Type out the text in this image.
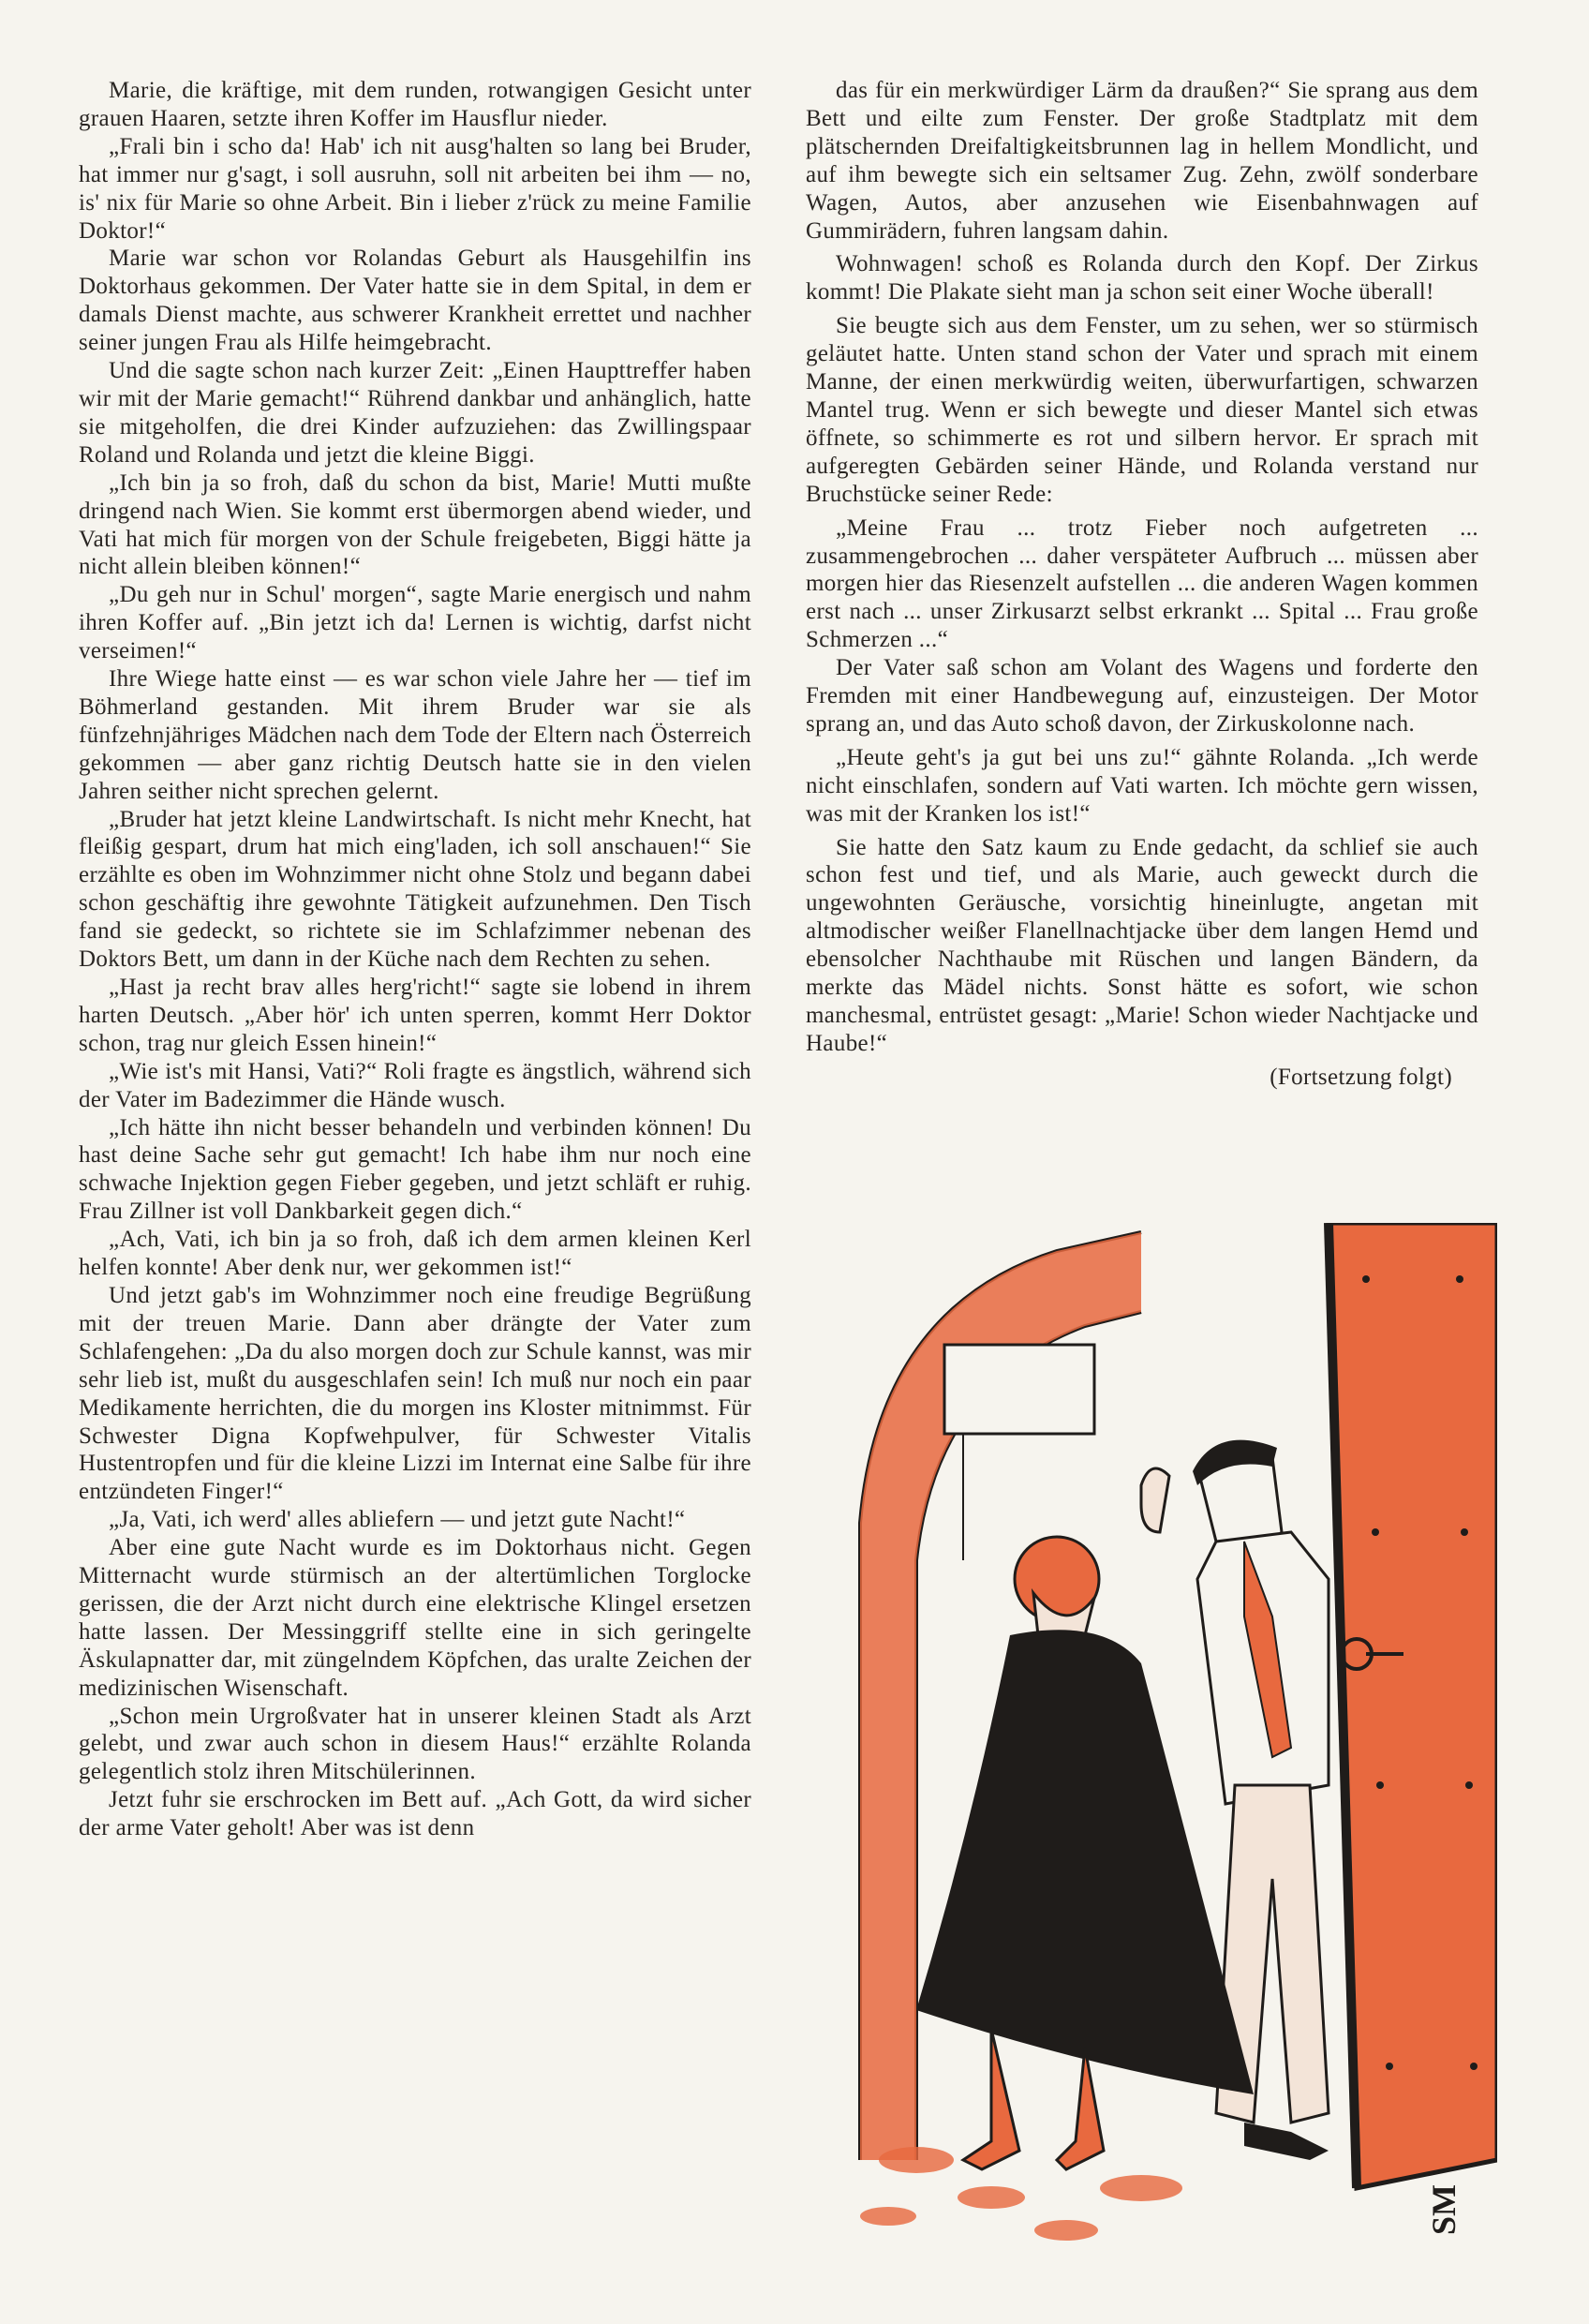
Marie, die kräftige, mit dem runden, rotwangigen Gesicht unter grauen Haaren, setzte ihren Koffer im Hausflur nieder.

„Frali bin i scho da! Hab' ich nit ausg'halten so lang bei Bruder, hat immer nur g'sagt, i soll ausruhn, soll nit arbeiten bei ihm — no, is' nix für Marie so ohne Arbeit. Bin i lieber z'rück zu meine Familie Doktor!“

Marie war schon vor Rolandas Geburt als Hausgehilfin ins Doktorhaus gekommen. Der Vater hatte sie in dem Spital, in dem er damals Dienst machte, aus schwerer Krankheit errettet und nachher seiner jungen Frau als Hilfe heimgebracht.

Und die sagte schon nach kurzer Zeit: „Einen Haupttreffer haben wir mit der Marie gemacht!“ Rührend dankbar und anhänglich, hatte sie mitgeholfen, die drei Kinder aufzuziehen: das Zwillingspaar Roland und Rolanda und jetzt die kleine Biggi.

„Ich bin ja so froh, daß du schon da bist, Marie! Mutti mußte dringend nach Wien. Sie kommt erst übermorgen abend wieder, und Vati hat mich für morgen von der Schule freigebeten, Biggi hätte ja nicht allein bleiben können!“

„Du geh nur in Schul' morgen“, sagte Marie energisch und nahm ihren Koffer auf. „Bin jetzt ich da! Lernen is wichtig, darfst nicht verseimen!“

Ihre Wiege hatte einst — es war schon viele Jahre her — tief im Böhmerland gestanden. Mit ihrem Bruder war sie als fünfzehnjähriges Mädchen nach dem Tode der Eltern nach Österreich gekommen — aber ganz richtig Deutsch hatte sie in den vielen Jahren seither nicht sprechen gelernt.

„Bruder hat jetzt kleine Landwirtschaft. Is nicht mehr Knecht, hat fleißig gespart, drum hat mich eing'laden, ich soll anschauen!“ Sie erzählte es oben im Wohnzimmer nicht ohne Stolz und begann dabei schon geschäftig ihre gewohnte Tätigkeit aufzunehmen. Den Tisch fand sie gedeckt, so richtete sie im Schlafzimmer nebenan des Doktors Bett, um dann in der Küche nach dem Rechten zu sehen.

„Hast ja recht brav alles herg'richt!“ sagte sie lobend in ihrem harten Deutsch. „Aber hör' ich unten sperren, kommt Herr Doktor schon, trag nur gleich Essen hinein!“

„Wie ist's mit Hansi, Vati?“ Roli fragte es ängstlich, während sich der Vater im Badezimmer die Hände wusch.

„Ich hätte ihn nicht besser behandeln und verbinden können! Du hast deine Sache sehr gut gemacht! Ich habe ihm nur noch eine schwache Injektion gegen Fieber gegeben, und jetzt schläft er ruhig. Frau Zillner ist voll Dankbarkeit gegen dich.“

„Ach, Vati, ich bin ja so froh, daß ich dem armen kleinen Kerl helfen konnte! Aber denk nur, wer gekommen ist!“

Und jetzt gab's im Wohnzimmer noch eine freudige Begrüßung mit der treuen Marie. Dann aber drängte der Vater zum Schlafengehen: „Da du also morgen doch zur Schule kannst, was mir sehr lieb ist, mußt du ausgeschlafen sein! Ich muß nur noch ein paar Medikamente herrichten, die du morgen ins Kloster mitnimmst. Für Schwester Digna Kopfwehpulver, für Schwester Vitalis Hustentropfen und für die kleine Lizzi im Internat eine Salbe für ihre entzündeten Finger!“

„Ja, Vati, ich werd' alles abliefern — und jetzt gute Nacht!“

Aber eine gute Nacht wurde es im Doktorhaus nicht. Gegen Mitternacht wurde stürmisch an der altertümlichen Torglocke gerissen, die der Arzt nicht durch eine elektrische Klingel ersetzen hatte lassen. Der Messinggriff stellte eine in sich geringelte Äskulapnatter dar, mit züngelndem Köpfchen, das uralte Zeichen der medizinischen Wisenschaft.

„Schon mein Urgroßvater hat in unserer kleinen Stadt als Arzt gelebt, und zwar auch schon in diesem Haus!“ erzählte Rolanda gelegentlich stolz ihren Mitschülerinnen.

Jetzt fuhr sie erschrocken im Bett auf. „Ach Gott, da wird sicher der arme Vater geholt! Aber was ist denn

das für ein merkwürdiger Lärm da draußen?“ Sie sprang aus dem Bett und eilte zum Fenster. Der große Stadtplatz mit dem plätschernden Dreifaltigkeitsbrunnen lag in hellem Mondlicht, und auf ihm bewegte sich ein seltsamer Zug. Zehn, zwölf sonderbare Wagen, Autos, aber anzusehen wie Eisenbahnwagen auf Gummirädern, fuhren langsam dahin.

Wohnwagen! schoß es Rolanda durch den Kopf. Der Zirkus kommt! Die Plakate sieht man ja schon seit einer Woche überall!

Sie beugte sich aus dem Fenster, um zu sehen, wer so stürmisch geläutet hatte. Unten stand schon der Vater und sprach mit einem Manne, der einen merkwürdig weiten, überwurfartigen, schwarzen Mantel trug. Wenn er sich bewegte und dieser Mantel sich etwas öffnete, so schimmerte es rot und silbern hervor. Er sprach mit aufgeregten Gebärden seiner Hände, und Rolanda verstand nur Bruchstücke seiner Rede:

„Meine Frau ... trotz Fieber noch aufgetreten ... zusammengebrochen ... daher verspäteter Aufbruch ... müssen aber morgen hier das Riesenzelt aufstellen ... die anderen Wagen kommen erst nach ... unser Zirkusarzt selbst erkrankt ... Spital ... Frau große Schmerzen ...“

Der Vater saß schon am Volant des Wagens und forderte den Fremden mit einer Handbewegung auf, einzusteigen. Der Motor sprang an, und das Auto schoß davon, der Zirkuskolonne nach.

„Heute geht's ja gut bei uns zu!“ gähnte Rolanda. „Ich werde nicht einschlafen, sondern auf Vati warten. Ich möchte gern wissen, was mit der Kranken los ist!“

Sie hatte den Satz kaum zu Ende gedacht, da schlief sie auch schon fest und tief, und als Marie, auch geweckt durch die ungewohnten Geräusche, vorsichtig hineinlugte, angetan mit altmodischer weißer Flanellnachtjacke über dem langen Hemd und ebensolcher Nachthaube mit Rüschen und langen Bändern, da merkte das Mädel nichts. Sonst hätte es sofort, wie schon manchesmal, entrüstet gesagt: „Marie! Schon wieder Nachtjacke und Haube!“

(Fortsetzung folgt)
SM
